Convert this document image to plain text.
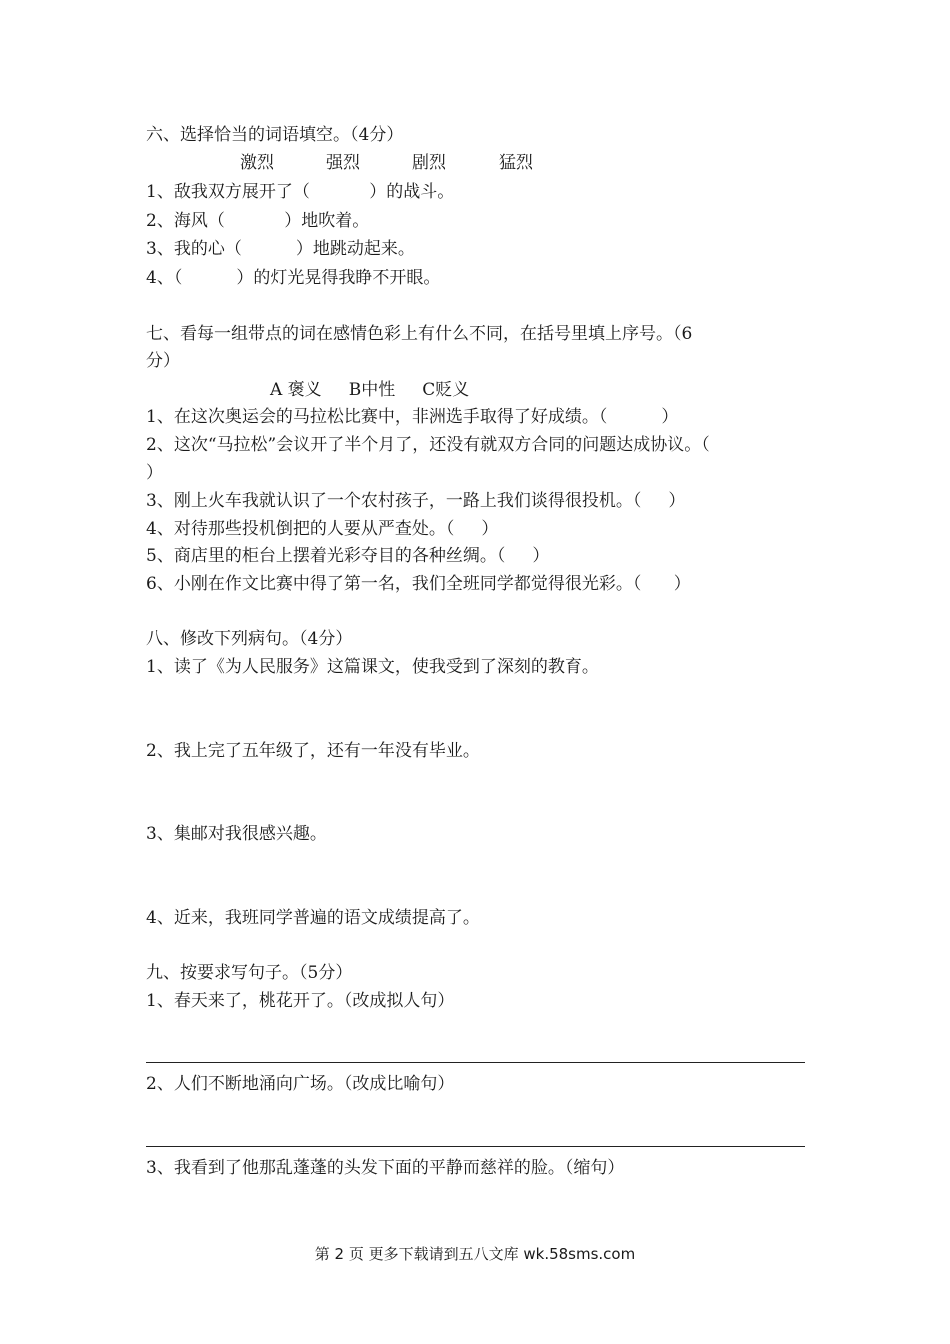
六、选择恰当的词语填空。（4分）
激烈	强烈	剧烈	猛烈
1、敌我双方展开了（           ）的战斗。
2、海风（           ）地吹着。
3、我的心（          ）地跳动起来。
4、（          ）的灯光晃得我睁不开眼。
七、看每一组带点的词在感情色彩上有什么不同，在括号里填上序号。（6
分）
A 褒义     B中性     C贬义
1、在这次奥运会的马拉松比赛中，非洲选手取得了好成绩。（          ）
2、这次“马拉松”会议开了半个月了，还没有就双方合同的问题达成协议。（
）
3、刚上火车我就认识了一个农村孩子，一路上我们谈得很投机。（     ）
4、对待那些投机倒把的人要从严查处。（     ）
5、商店里的柜台上摆着光彩夺目的各种丝绸。（     ）
6、小刚在作文比赛中得了第一名，我们全班同学都觉得很光彩。（      ）
八、修改下列病句。（4分）
1、读了《为人民服务》这篇课文，使我受到了深刻的教育。
2、我上完了五年级了，还有一年没有毕业。
3、集邮对我很感兴趣。
4、近来，我班同学普遍的语文成绩提高了。
九、按要求写句子。（5分）
1、春天来了，桃花开了。（改成拟人句）
2、人们不断地涌向广场。（改成比喻句）
3、我看到了他那乱蓬蓬的头发下面的平静而慈祥的脸。（缩句）
第 2 页 更多下载请到五八文库 wk.58sms.com
